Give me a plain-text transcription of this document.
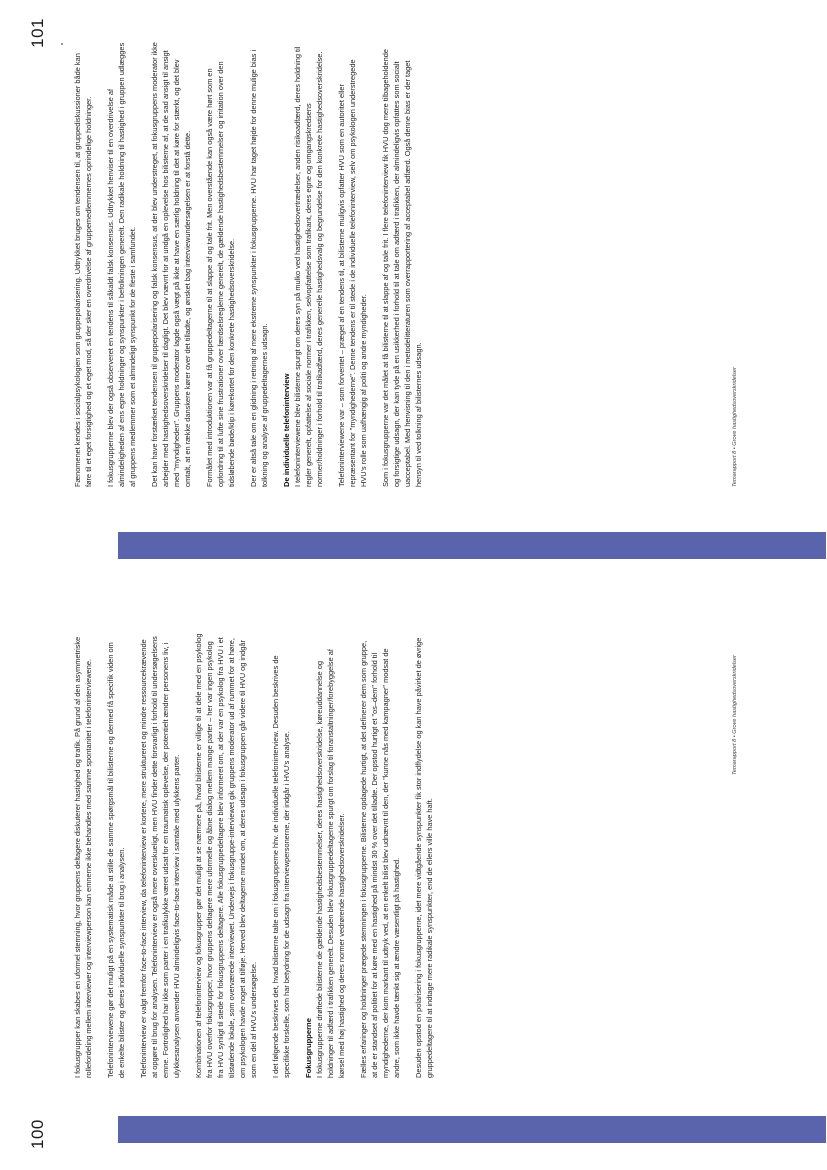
100

I fokusgrupper kan skabes en uformel stemning, hvor gruppens deltagere diskuterer hastighed og trafik. På grund af den asymmetriske rollefordeling mellem interviewer og interviewperson kan emnerne ikke behandles med samme spontanitet i telefoninterviewene. Telefoninterviewene gør det muligt på en systematisk måde at stille de samme spørgsmål til bilisterne og dermed få specifik viden om de enkelte bilister og deres individuelle synspunkter til brug i analysen. Telefoninterview er valgt fremfor face-to-face interview, da telefoninterview er kortere, mere struktureret og mindre ressourcekrævende at opgøre til brug for analysen. Telefoninterview er også mere overskueligt, men HVU finder dette forsvarligt i forhold til undersøgelsens emne. Fortrolighed har ikke som parter i en trafikulykke været udsat for en traumatisk oplevelse, der potentielt ændrer personens liv, i ulykkesanalysen anvender HVU almindeligvis face-to-face interview i samtale med ulykkens parter. Kombinationen af telefoninterview og fokusgrupper gør det muligt at se nærmere på, hvad bilisterne er villige til at dele med en psykolog fra HVU overfor fokusgrupper, hvor gruppens deltagere mere uformelle og åbne dialog mellem mange parter – her var ingen psykolog fra HVU synligt til stede for fokusgruppens deltagere. Alle fokusgruppedeltagere blev informeret om, at der var en psykolog fra HVU i et tilstødende lokale, som overværede interviewet. Undervejs i fokusgruppe-interviewet gik gruppens moderator ud af rummet for at høre, om psykologen havde noget at tilføje. Herved blev deltagerne mindet om, at deres udsagn i fokusgruppen går videre til HVU og indgår som en del af HVU's undersøgelse. I det følgende beskrives det, hvad bilisterne talte om i fokusgrupperne hhv. de individuelle telefoninterview. Desuden beskrives de specifikke forskelle, som har betydning for de udsagn fra interviewpersonerne, der indgår i HVU's analyse. Fokusgrupperne I fokusgrupperne drøftede bilisterne de gældende hastighedsbestemmelser, deres hastighedsoverskridelse, køreuddannelse og holdninger til adfærd i trafikken generelt. Desuden blev fokusgruppedeltagerne spurgt om forslag til foranstaltninger/forebyggelse af kørsel med høj hastighed og deres normer vedrørende hastighedsoverskridelser. Fælles erfaringer og holdninger prægede stemningen i fokusgrupperne. Bilisterne opdagede hurtigt, at det definerer dem som gruppe, at de er standset af politiet for at køre med en hastighed på mindst 30 % over det tilladte. Der opstod hurtigt et "os–dem" forhold til myndighederne, der kom markant til udtryk ved, at en enkelt bilist blev udnævnt til den, der "kunne nås med kampagner" modsat de andre, som ikke havde tænkt sig at ændre væsentligt på hastighed. Desuden opstod en polarisering i fokusgrupperne, idet mere vidtgående synspunkter fik stor indflydelse og kan have påvirket de øvrige gruppedeltagere til at indtage mere radikale synspunkter, end de ellers ville have haft.

Temarapport 8 • Grove hastighedsoverskridelser

Fænomenet kendes i socialpsykologien som gruppepolarisering. Udtrykket bruges om tendensen til, at gruppediskussioner både kan føre til et eget forsigtighed og et eget mod, så der sker en overdrivelse af gruppemedlemmernes oprindelige holdninger. I fokusgrupperne blev der også observeret en tendens til såkaldt falsk konsensus. Udtrykket henviser til en overdrivelse af almindeligheden af ens egne holdninger og synspunkter i befolkningen generelt. Den radikale holdning til hastighed i gruppen udlægges af gruppens medlemmer som et almindeligt synspunkt for de fleste i samfundet. Det kan have forstærket tendensen til gruppepolarisering og falsk konsensus, at der blev understreget, at fokusgruppens moderator ikke arbejder med hastighedsoverskridelser til dagligt. Det blev nævnt for at undgå en oplevelse hos bilisterne af, at de sad ansigt til ansigt med "myndigheden". Gruppens moderator lagde også vægt på ikke at have en særlig holdning til det at køre for stærkt, og det blev omtalt, at en række danskere kører over det tilladte, og ønsket bag interviewundersøgelsen er at forstå dette. Formålet med introduktionen var at få gruppedeltagerne til at slappe af og tale frit. Men overstående kan også være hørt som en opfordring til at lufte sine frustrationer over færdselsreglerne generelt, de gældende hastighedsbestemmelser og irritation over den tidsløbende bøde/klip i kørekortet for den konkrete hastighedsoverskridelse. Der er altså tale om en glidning i retning af mere ekstreme synspunkter i fokusgrupperne. HVU har taget højde for denne mulige bias i tolkning og analyse af gruppedeltagernes udsagn. De individuelle telefoninterview I telefoninterviewene blev bilisterne spurgt om deres syn på mulko ved hastighedsovertrædelser, anden risikoadfærd, deres holdning til regler generelt, opfattelse af sociale normer i trafikken, selvopfattelse som trafikant, deres egne og omgangskredsens normer/holdninger i forhold til trafikadfærd, deres generelle hastighedsvalg og begrundelse for den konkrete hastighedsoverskridelse. Telefoninterviewene var – som forventet – præget af en tendens til, at bilisterne muligvis opfatter HVU som en autoritet eller repræsentant for "myndighederne". Denne tendens er til stede i de individuelle telefoninterview, selv om psykologen understregede HVU's rolle som uafhængig af politi og andre myndigheder. Som i fokusgrupperne var det målet at få bilisterne til at slappe af og tale frit. I flere telefoninterview fik HVU dog mere tilbageholdende og forsigtige udsagn, der kan tyde på en usikkerhed i forhold til at tale om adfærd i trafikken, der almindeligvis opfattes som socialt uacceptabel. Med henvisning til den i metodelitteraturen som overrapportering af acceptabel adfærd. Også denne bias er der taget hensyn til ved tolkning af bilisternes udsagn.	Temarapport 8 • Grove hastighedsoverskridelser
101
